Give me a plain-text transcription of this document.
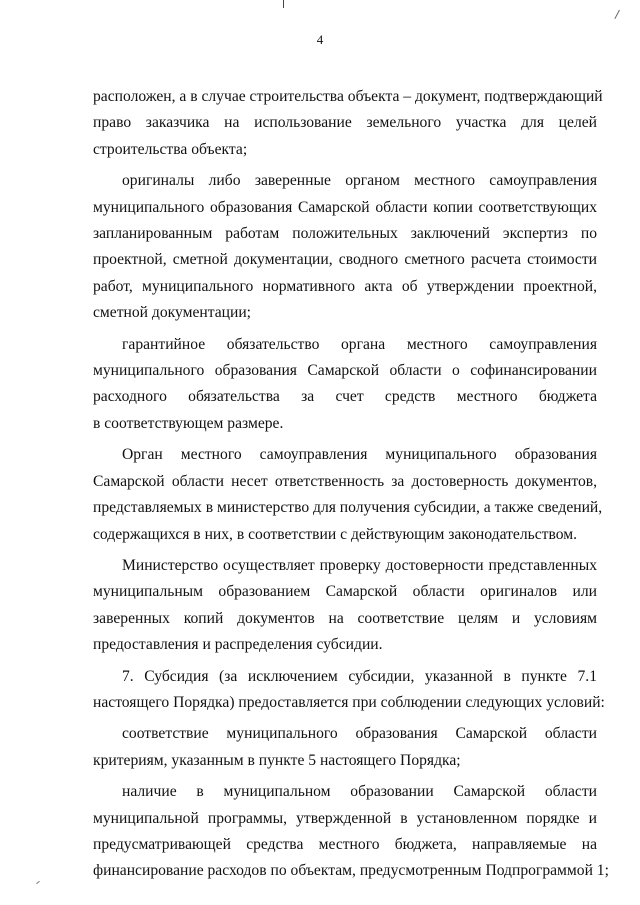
4
расположен, а в случае строительства объекта – документ, подтверждающий
право заказчика на использование земельного участка для целей
строительства объекта;
оригиналы либо заверенные органом местного самоуправления
муниципального образования Самарской области копии соответствующих
запланированным работам положительных заключений экспертиз по
проектной, сметной документации, сводного сметного расчета стоимости
работ, муниципального нормативного акта об утверждении проектной,
сметной документации;
гарантийное обязательство органа местного самоуправления
муниципального образования Самарской области о софинансировании
расходного обязательства за счет средств местного бюджета
в соответствующем размере.
Орган местного самоуправления муниципального образования
Самарской области несет ответственность за достоверность документов,
представляемых в министерство для получения субсидии, а также сведений,
содержащихся в них, в соответствии с действующим законодательством.
Министерство осуществляет проверку достоверности представленных
муниципальным образованием Самарской области оригиналов или
заверенных копий документов на соответствие целям и условиям
предоставления и распределения субсидии.
7. Субсидия (за исключением субсидии, указанной в пункте 7.1
настоящего Порядка) предоставляется при соблюдении следующих условий:
соответствие муниципального образования Самарской области
критериям, указанным в пункте 5 настоящего Порядка;
наличие в муниципальном образовании Самарской области
муниципальной программы, утвержденной в установленном порядке и
предусматривающей средства местного бюджета, направляемые на
финансирование расходов по объектам, предусмотренным Подпрограммой 1;
